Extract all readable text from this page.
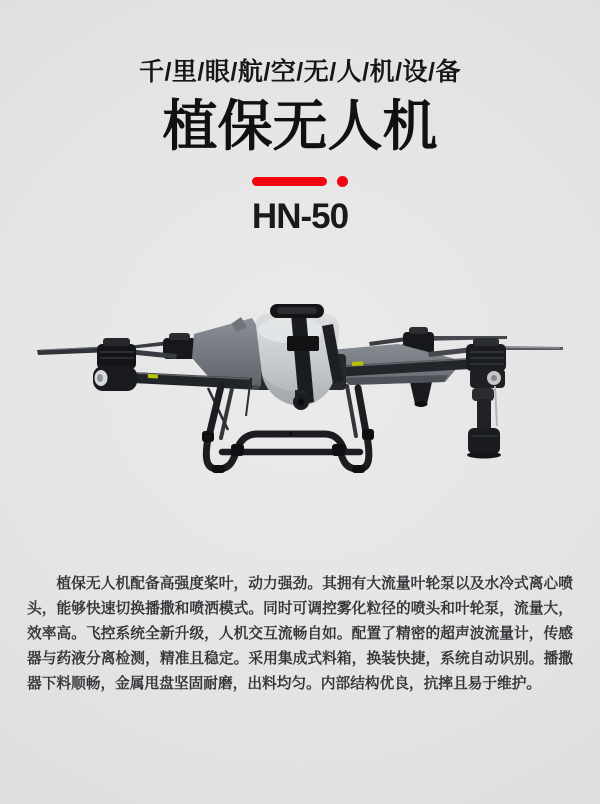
千/里/眼/航/空/无/人/机/设/备
植保无人机
HN-50

植保无人机配备高强度桨叶，动力强劲。其拥有大流量叶轮泵以及水冷式离心喷头，能够快速切换播撒和喷洒模式。同时可调控雾化粒径的喷头和叶轮泵，流量大，效率高。飞控系统全新升级，人机交互流畅自如。配置了精密的超声波流量计，传感器与药液分离检测，精准且稳定。采用集成式料箱，换装快捷，系统自动识别。播撒器下料顺畅，金属甩盘坚固耐磨，出料均匀。内部结构优良，抗摔且易于维护。
